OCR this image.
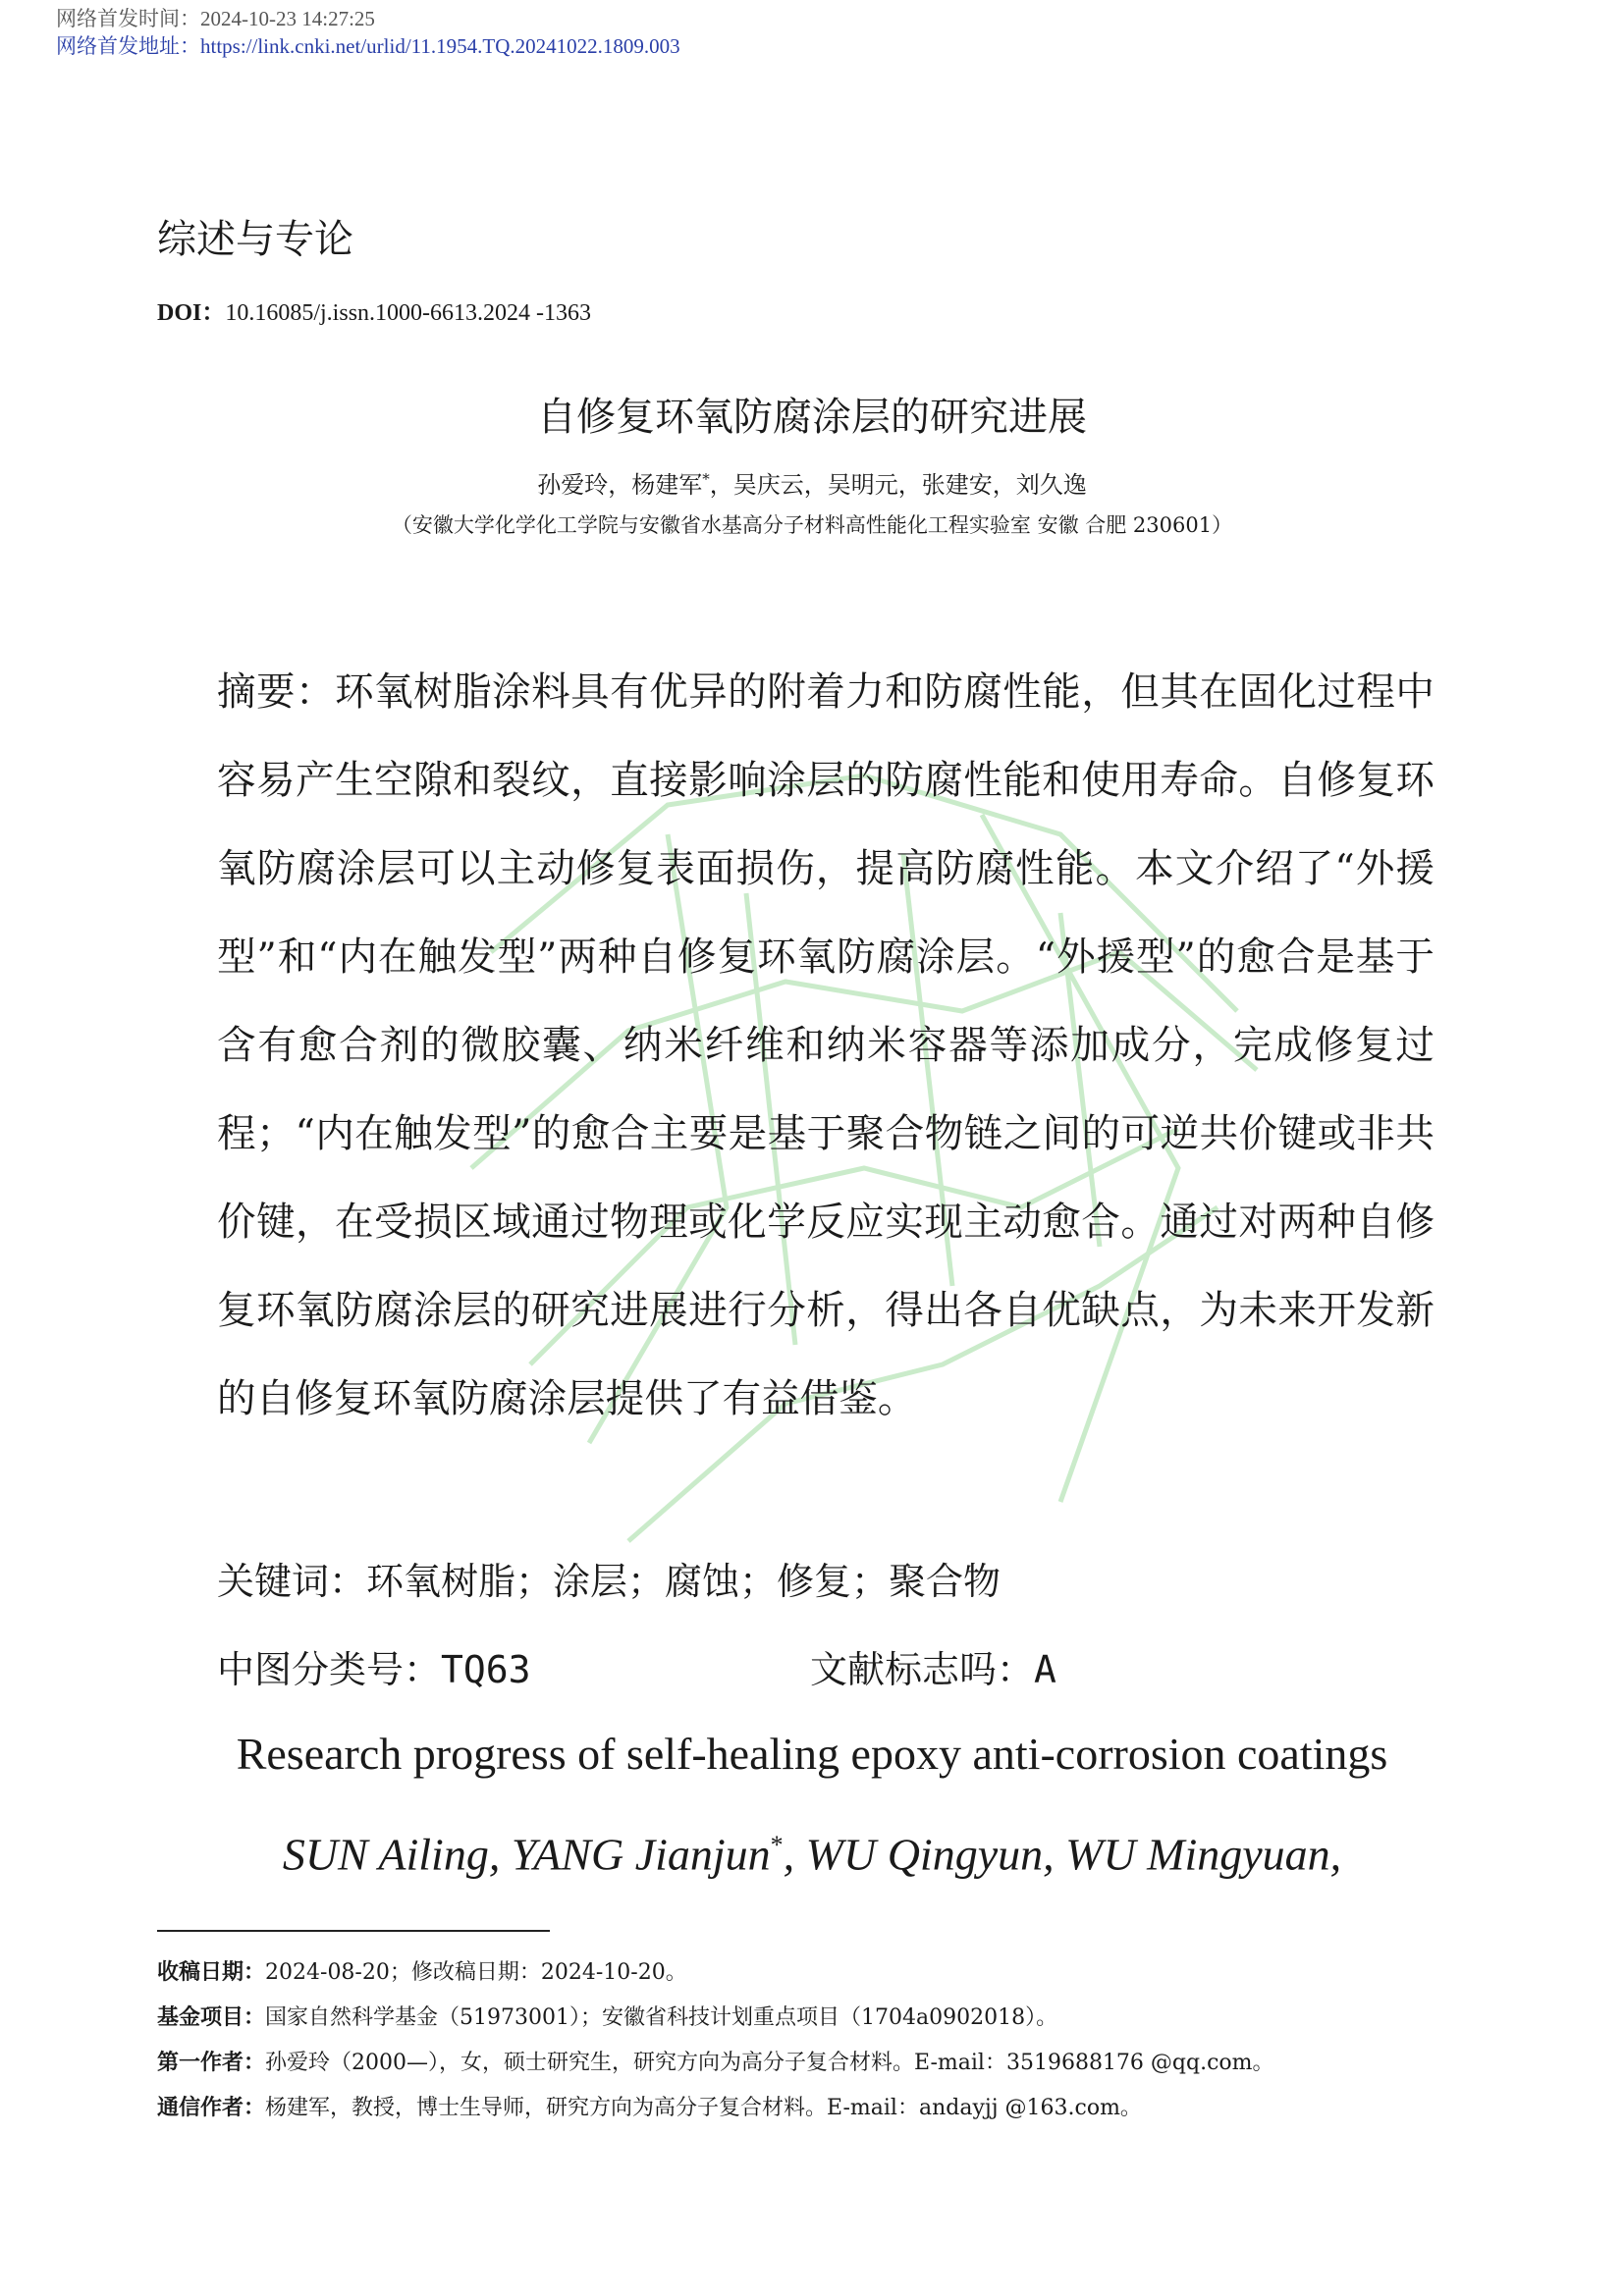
网络首发时间：2024-10-23 14:27:25
网络首发地址：https://link.cnki.net/urlid/11.1954.TQ.20241022.1809.003
综述与专论
DOI：10.16085/j.issn.1000-6613.2024 -1363
自修复环氧防腐涂层的研究进展
孙爱玲，杨建军*，吴庆云，吴明元，张建安，刘久逸
（安徽大学化学化工学院与安徽省水基高分子材料高性能化工程实验室 安徽 合肥 230601）
摘要：环氧树脂涂料具有优异的附着力和防腐性能，但其在固化过程中容易产生空隙和裂纹，直接影响涂层的防腐性能和使用寿命。自修复环氧防腐涂层可以主动修复表面损伤，提高防腐性能。本文介绍了“外援型”和“内在触发型”两种自修复环氧防腐涂层。“外援型”的愈合是基于含有愈合剂的微胶囊、纳米纤维和纳米容器等添加成分，完成修复过程；“内在触发型”的愈合主要是基于聚合物链之间的可逆共价键或非共价键，在受损区域通过物理或化学反应实现主动愈合。通过对两种自修复环氧防腐涂层的研究进展进行分析，得出各自优缺点，为未来开发新的自修复环氧防腐涂层提供了有益借鉴。
关键词：环氧树脂；涂层；腐蚀；修复；聚合物
中图分类号：TQ63	文献标志吗：A
Research progress of self-healing epoxy anti-corrosion coatings
SUN Ailing, YANG Jianjun*, WU Qingyun, WU Mingyuan,
收稿日期：2024-08-20；修改稿日期：2024-10-20。
基金项目：国家自然科学基金（51973001）；安徽省科技计划重点项目（1704a0902018）。
第一作者：孙爱玲（2000—），女，硕士研究生，研究方向为高分子复合材料。E-mail：3519688176 @qq.com。
通信作者：杨建军，教授，博士生导师，研究方向为高分子复合材料。E-mail：andayjj @163.com。
